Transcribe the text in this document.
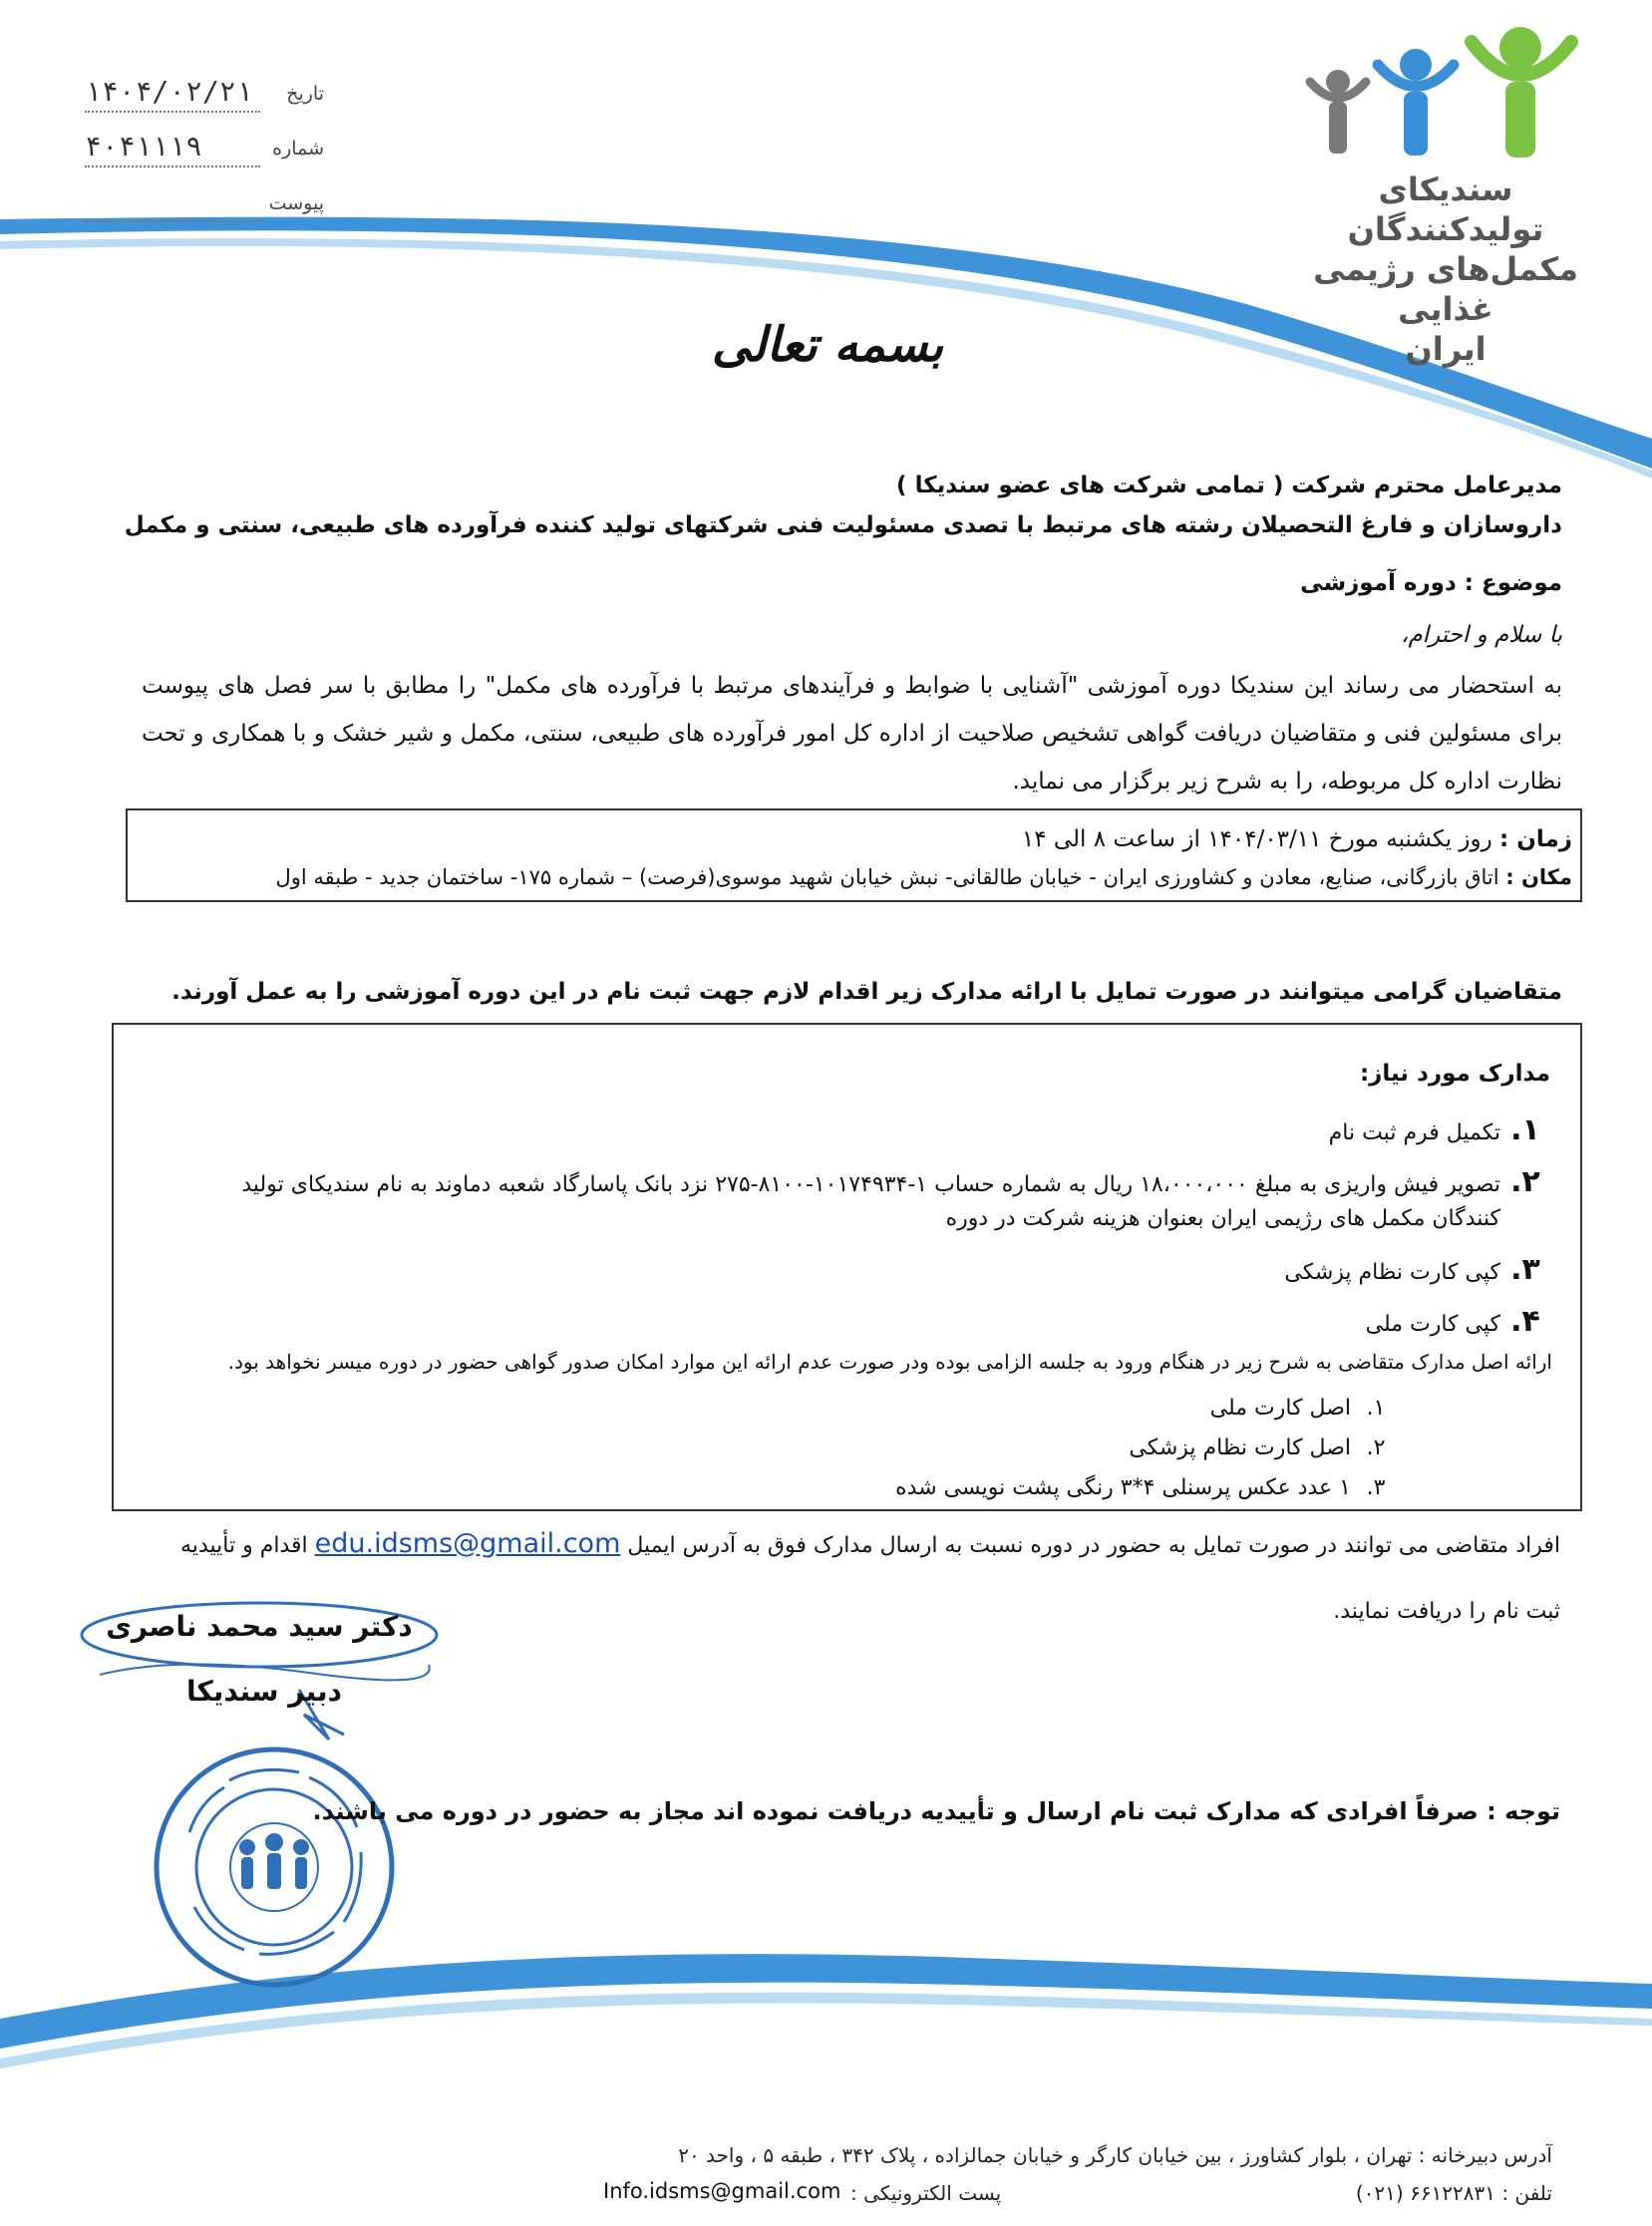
۱۴۰۴/۰۲/۲۱ تاریخ
۴۰۴۱۱۱۹	شماره
پیوست	سندیکای تولیدکنندگان
مکمل‌های رژیمی غذایی
ایران
بسمه تعالی
مدیرعامل محترم شرکت ( تمامی شرکت های عضو سندیکا )
داروسازان و فارغ التحصیلان رشته های مرتبط با تصدی مسئولیت فنی شرکتهای تولید کننده فرآورده های طبیعی، سنتی و مکمل
موضوع : دوره آموزشی
با سلام و احترام،
به استحضار می رساند این سندیکا دوره آموزشی "آشنایی با ضوابط و فرآیندهای مرتبط با فرآورده های مکمل" را مطابق با سر فصل های پیوست برای مسئولین فنی و متقاضیان دریافت گواهی تشخیص صلاحیت از اداره کل امور فرآورده های طبیعی، سنتی، مکمل و شیر خشک و با همکاری و تحت نظارت اداره کل مربوطه، را به شرح زیر برگزار می نماید.
زمان : روز یکشنبه مورخ ۱۴۰۴/۰۳/۱۱ از ساعت ۸ الی ۱۴
مکان : اتاق بازرگانی، صنایع، معادن و کشاورزی ایران - خیابان طالقانی- نبش خیابان شهید موسوی(فرصت) – شماره ۱۷۵- ساختمان جدید - طبقه اول
متقاضیان گرامی میتوانند در صورت تمایل با ارائه مدارک زیر اقدام لازم جهت ثبت نام در این دوره آموزشی را به عمل آورند.
مدارک مورد نیاز:
۱.تکمیل فرم ثبت نام
۲.تصویر فیش واریزی به مبلغ ۱۸،۰۰۰،۰۰۰ ریال به شماره حساب ۱-۱۰۱۷۴۹۳۴-۸۱۰۰-۲۷۵ نزد بانک پاسارگاد شعبه دماوند به نام سندیکای تولید
کنندگان مکمل های رژیمی ایران بعنوان هزینه شرکت در دوره
۳.کپی کارت نظام پزشکی
۴.کپی کارت ملی
ارائه اصل مدارک متقاضی به شرح زیر در هنگام ورود به جلسه الزامی بوده ودر صورت عدم ارائه این موارد امکان صدور گواهی حضور در دوره میسر نخواهد بود.
۱.اصل کارت ملی
۲.اصل کارت نظام پزشکی
۳.۱ عدد عکس پرسنلی ۴*۳ رنگی پشت نویسی شده
افراد متقاضی می توانند در صورت تمایل به حضور در دوره نسبت به ارسال مدارک فوق به آدرس ایمیل edu.idsms@gmail.com اقدام و تأییدیه
ثبت نام را دریافت نمایند.
دکتر سید محمد ناصری
دبیر سندیکا
توجه : صرفاً افرادی که مدارک ثبت نام ارسال و تأییدیه دریافت نموده اند مجاز به حضور در دوره می باشند.
آدرس دبیرخانه : تهران ، بلوار کشاورز ، بین خیابان کارگر و خیابان جمالزاده ، پلاک ۳۴۲ ، طبقه ۵ ، واحد ۲۰
پست الکترونیکی :
Info.idsms@gmail.com	تلفن : ۶۶۱۲۲۸۳۱ (۰۲۱)
